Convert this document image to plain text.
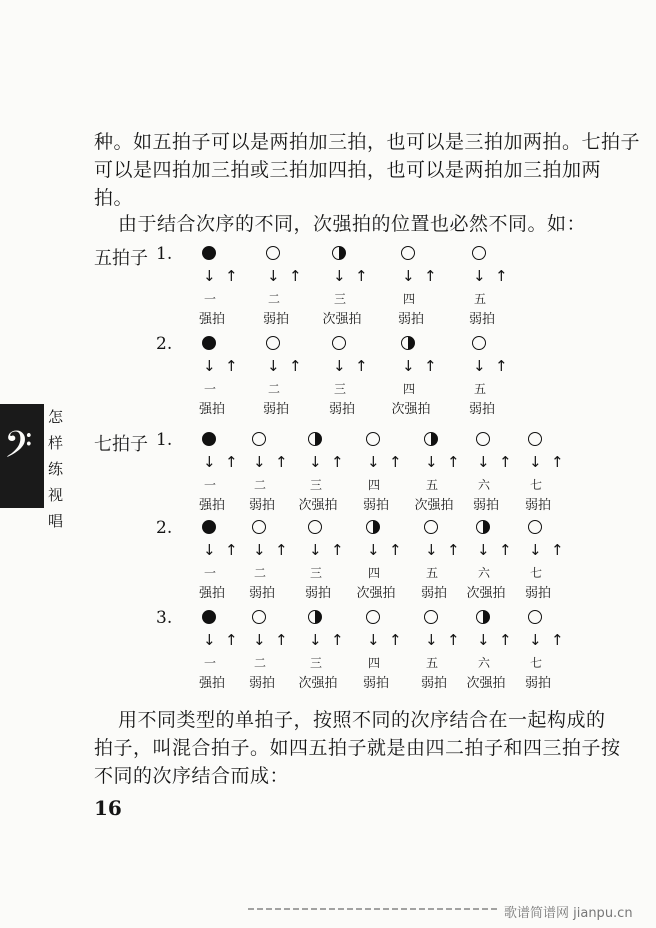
种。如五拍子可以是两拍加三拍，也可以是三拍加两拍。七拍子
可以是四拍加三拍或三拍加四拍，也可以是两拍加三拍加两
拍。

由于结合次序的不同，次强拍的位置也必然不同。如：

五拍子
七拍子
1.
↓ ↑
一
强拍
↓ ↑
二
弱拍
↓ ↑
三
次强拍
↓ ↑
四
弱拍
↓ ↑
五
弱拍
2.
↓ ↑
一
强拍
↓ ↑
二
弱拍
↓ ↑
三
弱拍
↓ ↑
四
次强拍
↓ ↑
五
弱拍
1.
↓ ↑
一
强拍
↓ ↑
二
弱拍
↓ ↑
三
次强拍
↓ ↑
四
弱拍
↓ ↑
五
次强拍
↓ ↑
六
弱拍
↓ ↑
七
弱拍
2.
↓ ↑
一
强拍
↓ ↑
二
弱拍
↓ ↑
三
弱拍
↓ ↑
四
次强拍
↓ ↑
五
弱拍
↓ ↑
六
次强拍
↓ ↑
七
弱拍
3.
↓ ↑
一
强拍
↓ ↑
二
弱拍
↓ ↑
三
次强拍
↓ ↑
四
弱拍
↓ ↑
五
弱拍
↓ ↑
六
次强拍
↓ ↑
七
弱拍

用不同类型的单拍子，按照不同的次序结合在一起构成的
拍子，叫混合拍子。如四五拍子就是由四二拍子和四三拍子按
不同的次序结合而成：

𝄢
怎样练视唱
16
歌谱简谱网 jianpu.cn
